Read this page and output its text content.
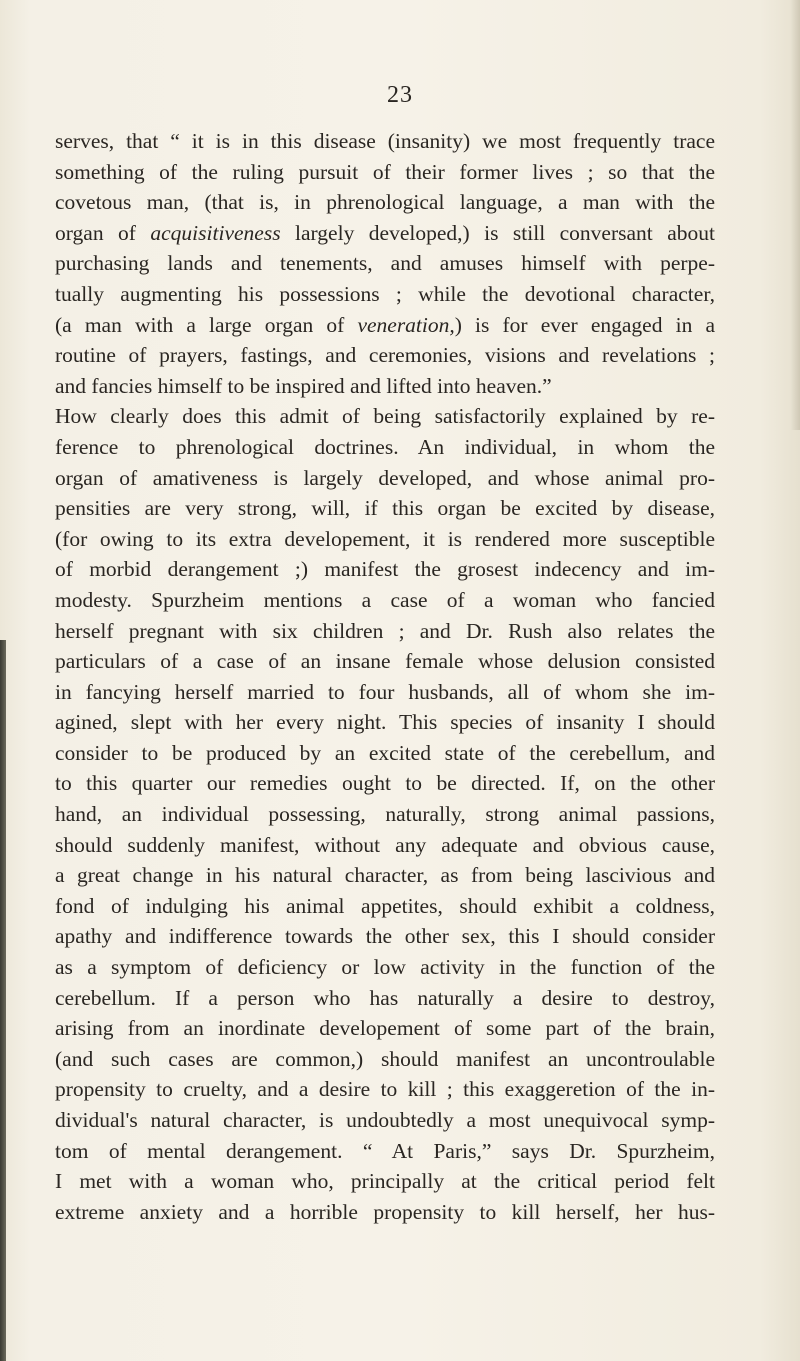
23
serves, that “ it is in this disease (insanity) we most frequently trace
something of the ruling pursuit of their former lives ; so that the
covetous man, (that is, in phrenological language, a man with the
organ of acquisitiveness largely developed,) is still conversant about
purchasing lands and tenements, and amuses himself with perpe-
tually augmenting his possessions ; while the devotional character,
(a man with a large organ of veneration,) is for ever engaged in a
routine of prayers, fastings, and ceremonies, visions and revelations ;
and fancies himself to be inspired and lifted into heaven.”
How clearly does this admit of being satisfactorily explained by re-
ference to phrenological doctrines. An individual, in whom the
organ of amativeness is largely developed, and whose animal pro-
pensities are very strong, will, if this organ be excited by disease,
(for owing to its extra developement, it is rendered more susceptible
of morbid derangement ;) manifest the grosest indecency and im-
modesty. Spurzheim mentions a case of a woman who fancied
herself pregnant with six children ; and Dr. Rush also relates the
particulars of a case of an insane female whose delusion consisted
in fancying herself married to four husbands, all of whom she im-
agined, slept with her every night. This species of insanity I should
consider to be produced by an excited state of the cerebellum, and
to this quarter our remedies ought to be directed. If, on the other
hand, an individual possessing, naturally, strong animal passions,
should suddenly manifest, without any adequate and obvious cause,
a great change in his natural character, as from being lascivious and
fond of indulging his animal appetites, should exhibit a coldness,
apathy and indifference towards the other sex, this I should consider
as a symptom of deficiency or low activity in the function of the
cerebellum. If a person who has naturally a desire to destroy,
arising from an inordinate developement of some part of the brain,
(and such cases are common,) should manifest an uncontroulable
propensity to cruelty, and a desire to kill ; this exaggeretion of the in-
dividual's natural character, is undoubtedly a most unequivocal symp-
tom of mental derangement. “ At Paris,” says Dr. Spurzheim,
I met with a woman who, principally at the critical period felt
extreme anxiety and a horrible propensity to kill herself, her hus-
